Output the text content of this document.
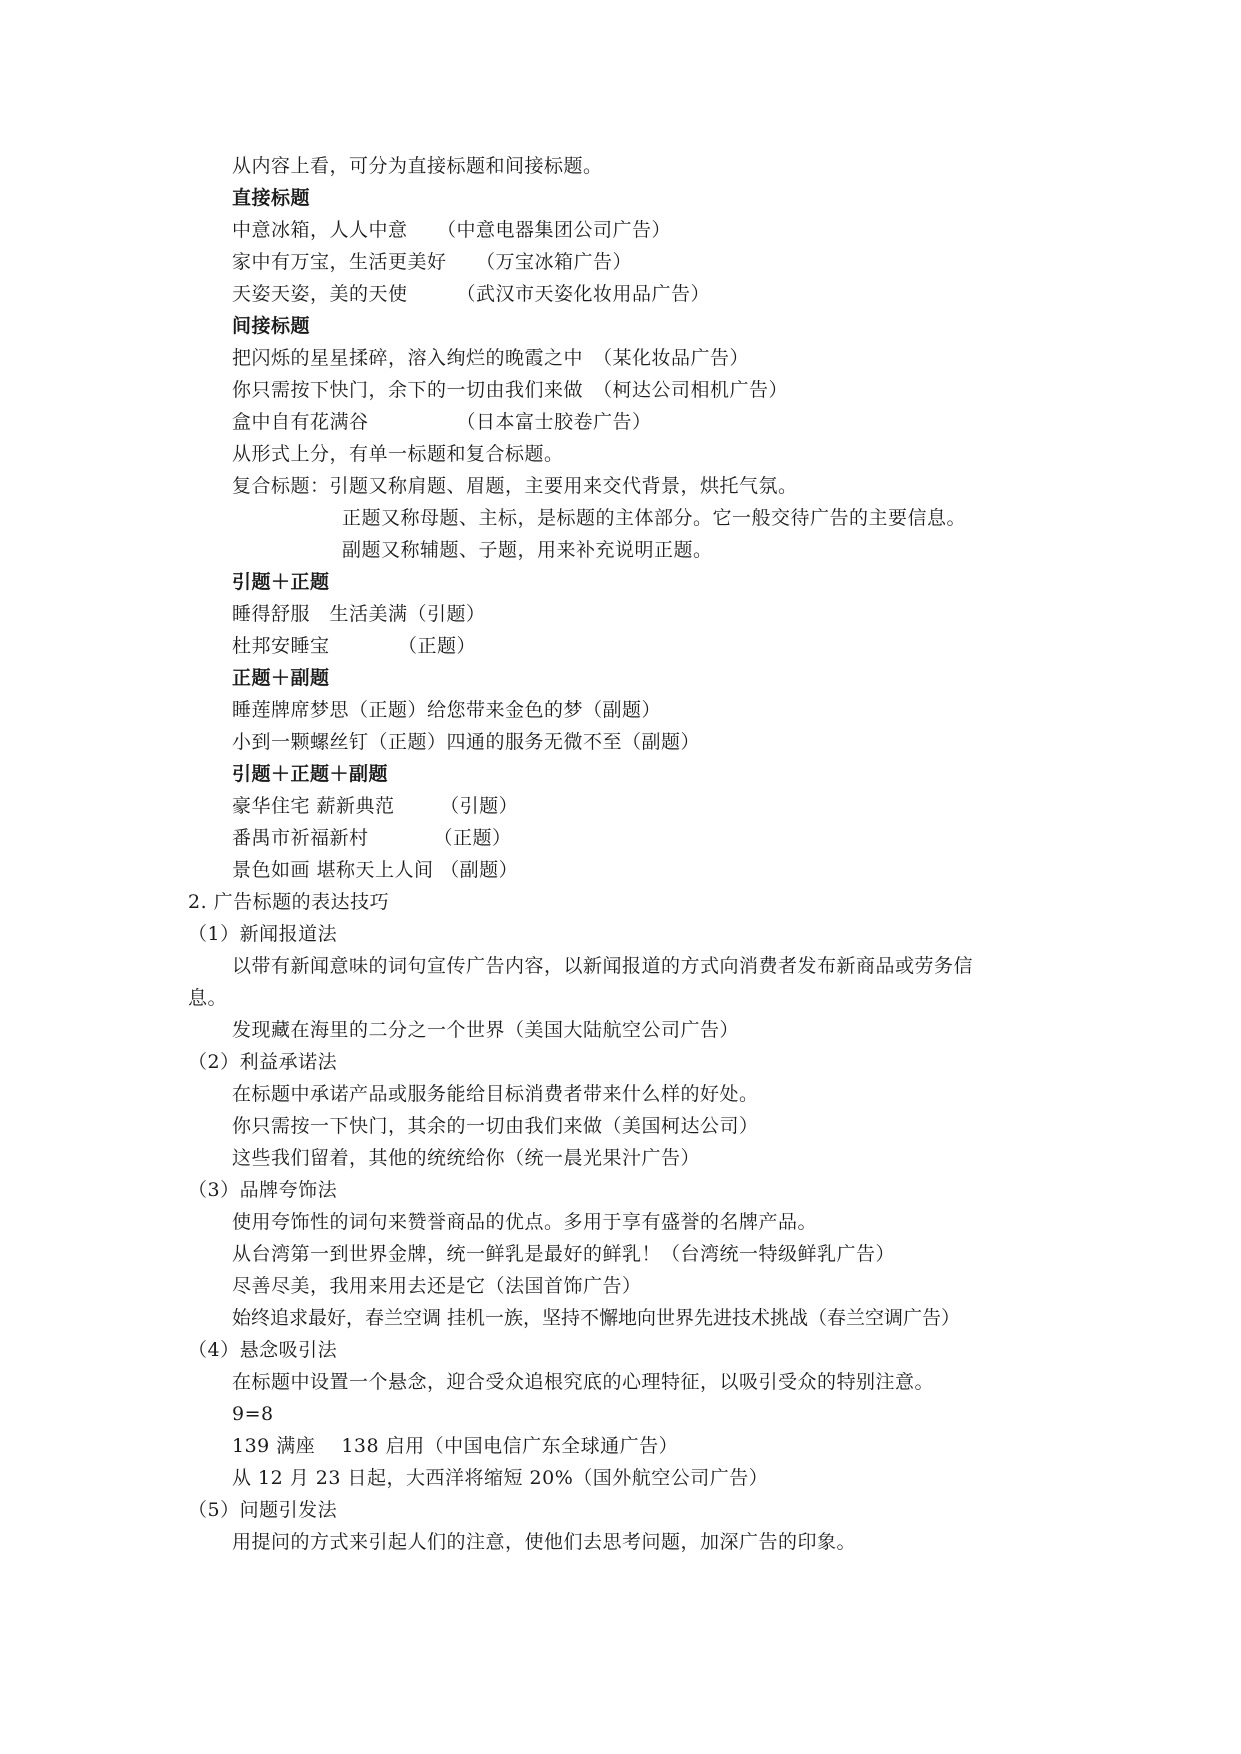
从内容上看，可分为直接标题和间接标题。
直接标题
中意冰箱，人人中意　　（中意电器集团公司广告）
家中有万宝，生活更美好　　（万宝冰箱广告）
天姿天姿，美的天使　　　（武汉市天姿化妆用品广告）
间接标题
把闪烁的星星揉碎，溶入绚烂的晚霞之中　（某化妆品广告）
你只需按下快门，余下的一切由我们来做　（柯达公司相机广告）
盒中自有花满谷　　　　　（日本富士胶卷广告）
从形式上分，有单一标题和复合标题。
复合标题：引题又称肩题、眉题，主要用来交代背景，烘托气氛。
正题又称母题、主标，是标题的主体部分。它一般交待广告的主要信息。
副题又称辅题、子题，用来补充说明正题。
引题＋正题
睡得舒服　生活美满（引题）
杜邦安睡宝　　　　（正题）
正题＋副题
睡莲牌席梦思（正题）给您带来金色的梦（副题）
小到一颗螺丝钉（正题）四通的服务无微不至（副题）
引题＋正题＋副题
豪华住宅 薪新典范　　 （引题）
番禺市祈福新村　　　 （正题）
景色如画 堪称天上人间 （副题）
2. 广告标题的表达技巧
（1）新闻报道法
以带有新闻意味的词句宣传广告内容，以新闻报道的方式向消费者发布新商品或劳务信
息。
发现藏在海里的二分之一个世界（美国大陆航空公司广告）
（2）利益承诺法
在标题中承诺产品或服务能给目标消费者带来什么样的好处。
你只需按一下快门，其余的一切由我们来做（美国柯达公司）
这些我们留着，其他的统统给你（统一晨光果汁广告）
（3）品牌夸饰法
使用夸饰性的词句来赞誉商品的优点。多用于享有盛誉的名牌产品。
从台湾第一到世界金牌，统一鲜乳是最好的鲜乳！（台湾统一特级鲜乳广告）
尽善尽美，我用来用去还是它（法国首饰广告）
始终追求最好，春兰空调 挂机一族，坚持不懈地向世界先进技术挑战（春兰空调广告）
（4）悬念吸引法
在标题中设置一个悬念，迎合受众追根究底的心理特征，以吸引受众的特别注意。
9=8
139 满座　 138 启用（中国电信广东全球通广告）
从 12 月 23 日起，大西洋将缩短 20%（国外航空公司广告）
（5）问题引发法
用提问的方式来引起人们的注意，使他们去思考问题，加深广告的印象。
